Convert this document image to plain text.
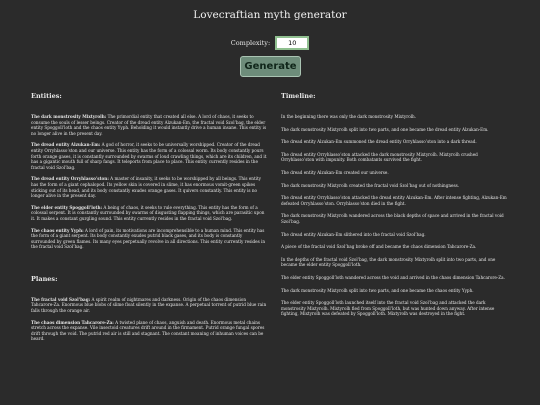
Lovecraftian myth generator
Complexity:	10
Generate
Entities:
The dark monstrosity Mixtyrolh: The primordial entity that created all else. A lord of chaos, it seeks to consume the souls of lesser beings. Creator of the dread entity Alzukan-Em, the fractal void Szolʼbag, the elder entity Spoggollʼloth and the chaos entity Yyph. Beholding it would instantly drive a human insane. This entity is no longer alive in the present day.
The dread entity Alzukan-Em: A god of horror, it seeks to be universally worshipped. Creator of the dread entity Orryhlassoʼston and our universe. This entity has the form of a colossal worm. Its body constantly pours forth orange gases, it is constantly surrounded by swarms of loud crawling things, which are its children, and it has a gigantic mouth full of sharp fangs. It teleports from place to place. This entity currently resides in the fractal void Szolʼbag.
The dread entity Orryhlassoʼston: A master of insanity, it seeks to be worshipped by all beings. This entity has the form of a giant cephalopod. Its yellow skin is covered in slime, it has enormous vomit-green spikes sticking out of its head, and its body constantly exudes orange gases. It quivers constantly. This entity is no longer alive in the present day.
The elder entity Spoggollʼloth: A being of chaos, it seeks to rule everything. This entity has the form of a colossal serpent. It is constantly surrounded by swarms of disgusting flapping things, which are parasitic upon it. It makes a constant gurgling sound. This entity currently resides in the fractal void Szolʼbag.
The chaos entity Yyph: A lord of pain, its motivations are incomprehensible to a human mind. This entity has the form of a giant serpent. Its body constantly exudes putrid black gases, and its body is constantly surrounded by green flames. Its many eyes perpetually revolve in all directions. This entity currently resides in the fractal void Szolʼbag.
Planes:
The fractal void Szolʼbag: A spirit realm of nightmares and darkness. Origin of the chaos dimension Tahcarore-Za. Enormous blue blobs of slime float silently in the expanse. A perpetual torrent of putrid blue rain falls through the orange air.
The chaos dimension Tahcarore-Za: A twisted plane of chaos, anguish and death. Enormous metal chains stretch across the expanse. Vile insectoid creatures drift around in the firmament. Putrid orange fungal spores drift through the void. The putrid red air is still and stagnant. The constant moaning of inhuman voices can be heard.
Timeline:
In the beginning there was only the dark monstrosity Mixtyrolh.
The dark monstrosity Mixtyrolh split into two parts, and one became the dread entity Alzukan-Em.
The dread entity Alzukan-Em summoned the dread entity Orryhlassoʼston into a dark thread.
The dread entity Orryhlassoʼston attacked the dark monstrosity Mixtyrolh. Mixtyrolh crushed Orryhlassoʼston with impunity. Both combatants survived the fight.
The dread entity Alzukan-Em created our universe.
The dark monstrosity Mixtyrolh created the fractal void Szolʼbag out of nothingness.
The dread entity Orryhlassoʼston attacked the dread entity Alzukan-Em. After intense fighting, Alzukan-Em defeated Orryhlassoʼston. Orryhlassoʼston died in the fight.
The dark monstrosity Mixtyrolh wandered across the black depths of space and arrived in the fractal void Szolʼbag.
The dread entity Alzukan-Em slithered into the fractal void Szolʼbag.
A piece of the fractal void Szolʼbag broke off and became the chaos dimension Tahcarore-Za.
In the depths of the fractal void Szolʼbag, the dark monstrosity Mixtyrolh split into two parts, and one became the elder entity Spoggollʼloth.
The elder entity Spoggollʼloth wandered across the void and arrived in the chaos dimension Tahcarore-Za.
The dark monstrosity Mixtyrolh split into two parts, and one became the chaos entity Yyph.
The elder entity Spoggollʼloth launched itself into the fractal void Szolʼbag and attacked the dark monstrosity Mixtyrolh. Mixtyrolh fled from Spoggollʼloth, but was hunted down anyway. After intense fighting, Mixtyrolh was defeated by Spoggollʼloth. Mixtyrolh was destroyed in the fight.
